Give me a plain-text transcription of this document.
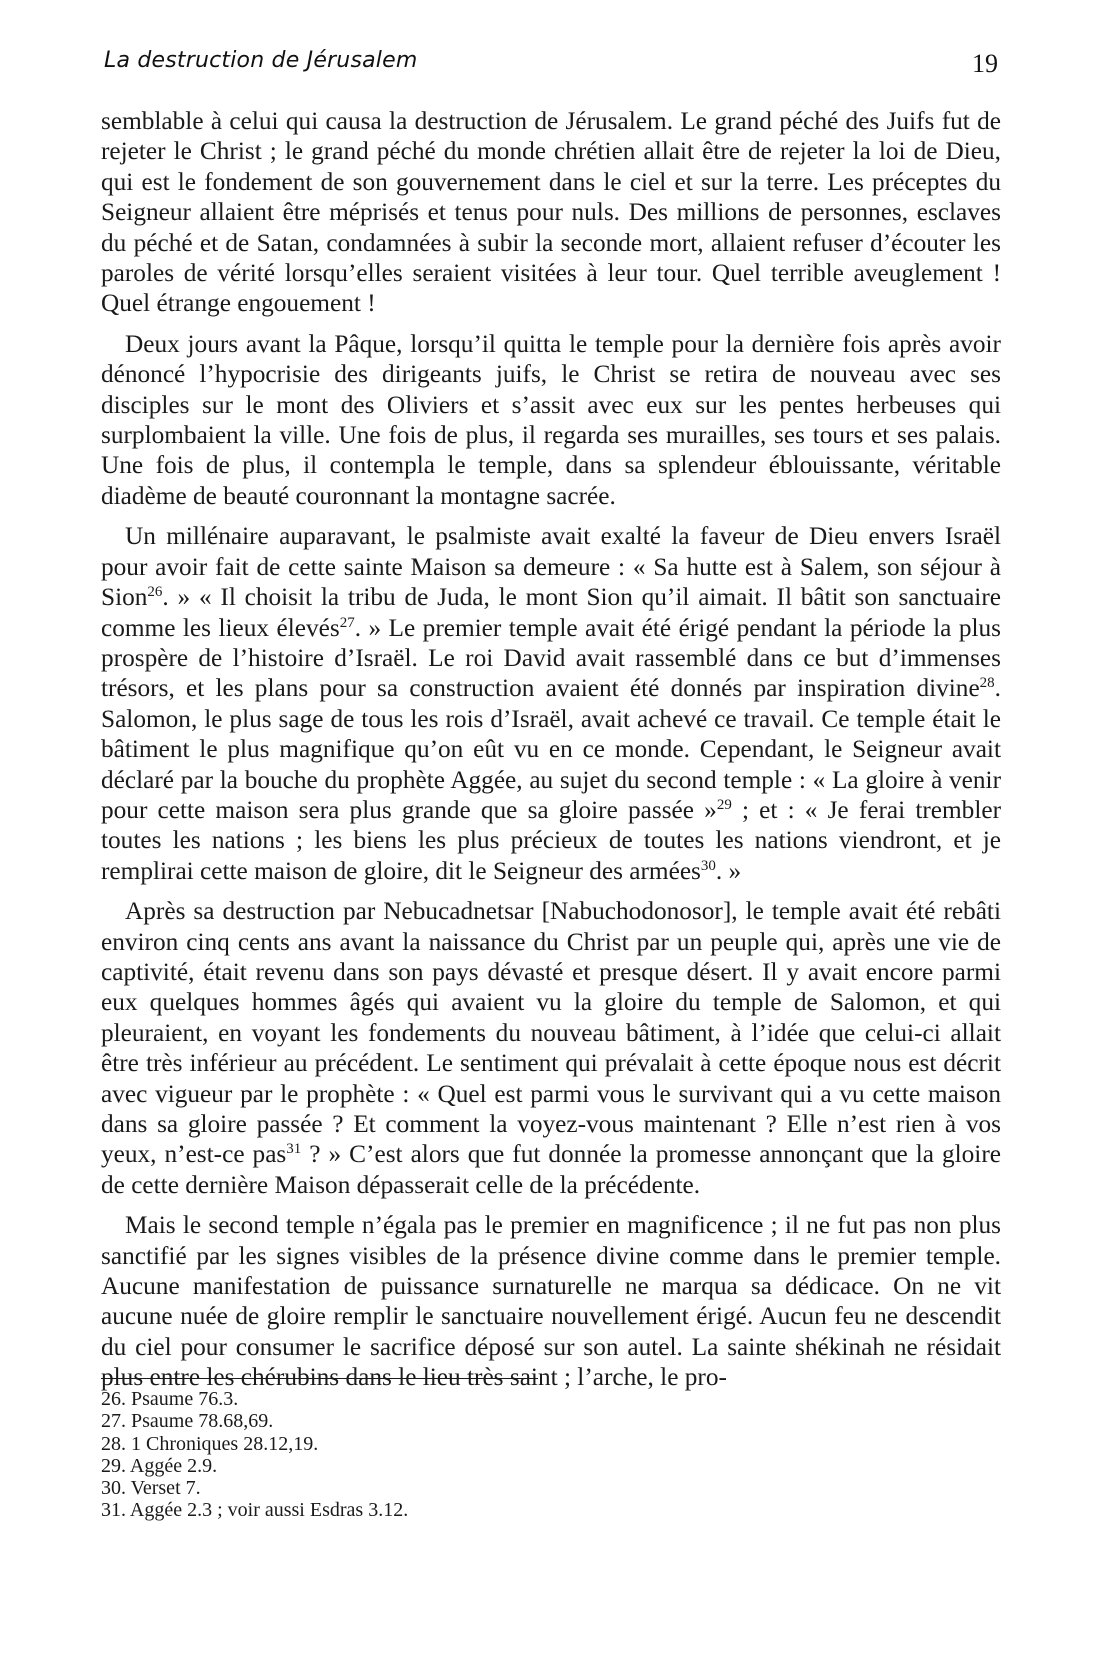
La destruction de Jérusalem	19

semblable à celui qui causa la destruction de Jérusalem. Le grand péché des Juifs fut de rejeter le Christ ; le grand péché du monde chrétien allait être de rejeter la loi de Dieu, qui est le fondement de son gouvernement dans le ciel et sur la terre. Les préceptes du Seigneur allaient être méprisés et tenus pour nuls. Des millions de personnes, esclaves du péché et de Satan, condamnées à subir la seconde mort, allaient refuser d’écouter les paroles de vérité lorsqu’elles seraient visitées à leur tour. Quel terrible aveuglement ! Quel étrange engouement !

Deux jours avant la Pâque, lorsqu’il quitta le temple pour la dernière fois après avoir dénoncé l’hypocrisie des dirigeants juifs, le Christ se retira de nouveau avec ses disciples sur le mont des Oliviers et s’assit avec eux sur les pentes herbeuses qui surplombaient la ville. Une fois de plus, il regarda ses murailles, ses tours et ses palais. Une fois de plus, il contempla le temple, dans sa splendeur éblouissante, véritable diadème de beauté couronnant la montagne sacrée.

Un millénaire auparavant, le psalmiste avait exalté la faveur de Dieu envers Israël pour avoir fait de cette sainte Maison sa demeure : « Sa hutte est à Salem, son séjour à Sion$^{26}$. » « Il choisit la tribu de Juda, le mont Sion qu’il aimait. Il bâtit son sanctuaire comme les lieux élevés$^{27}$. » Le premier temple avait été érigé pendant la période la plus prospère de l’histoire d’Israël. Le roi David avait rassemblé dans ce but d’immenses trésors, et les plans pour sa construction avaient été donnés par inspiration divine$^{28}$. Salomon, le plus sage de tous les rois d’Israël, avait achevé ce travail. Ce temple était le bâtiment le plus magnifique qu’on eût vu en ce monde. Cependant, le Seigneur avait déclaré par la bouche du prophète Aggée, au sujet du second temple : « La gloire à venir pour cette maison sera plus grande que sa gloire passée »$^{29}$ ; et : « Je ferai trembler toutes les nations ; les biens les plus précieux de toutes les nations viendront, et je remplirai cette maison de gloire, dit le Seigneur des armées$^{30}$. »

Après sa destruction par Nebucadnetsar [Nabuchodonosor], le temple avait été rebâti environ cinq cents ans avant la naissance du Christ par un peuple qui, après une vie de captivité, était revenu dans son pays dévasté et presque désert. Il y avait encore parmi eux quelques hommes âgés qui avaient vu la gloire du temple de Salomon, et qui pleuraient, en voyant les fondements du nouveau bâtiment, à l’idée que celui-ci allait être très inférieur au précédent. Le sentiment qui prévalait à cette époque nous est décrit avec vigueur par le prophète : « Quel est parmi vous le survivant qui a vu cette maison dans sa gloire passée ? Et comment la voyez-vous maintenant ? Elle n’est rien à vos yeux, n’est-ce pas$^{31}$ ? » C’est alors que fut donnée la promesse annonçant que la gloire de cette dernière Maison dépasserait celle de la précédente.

Mais le second temple n’égala pas le premier en magnificence ; il ne fut pas non plus sanctifié par les signes visibles de la présence divine comme dans le premier temple. Aucune manifestation de puissance surnaturelle ne marqua sa dédicace. On ne vit aucune nuée de gloire remplir le sanctuaire nouvellement érigé. Aucun feu ne descendit du ciel pour consumer le sacrifice déposé sur son autel. La sainte shékinah ne résidait plus entre les chérubins dans le lieu très saint ; l’arche, le pro-

26. Psaume 76.3.
27. Psaume 78.68,69.
28. 1 Chroniques 28.12,19.
29. Aggée 2.9.
30. Verset 7.
31. Aggée 2.3 ; voir aussi Esdras 3.12.
